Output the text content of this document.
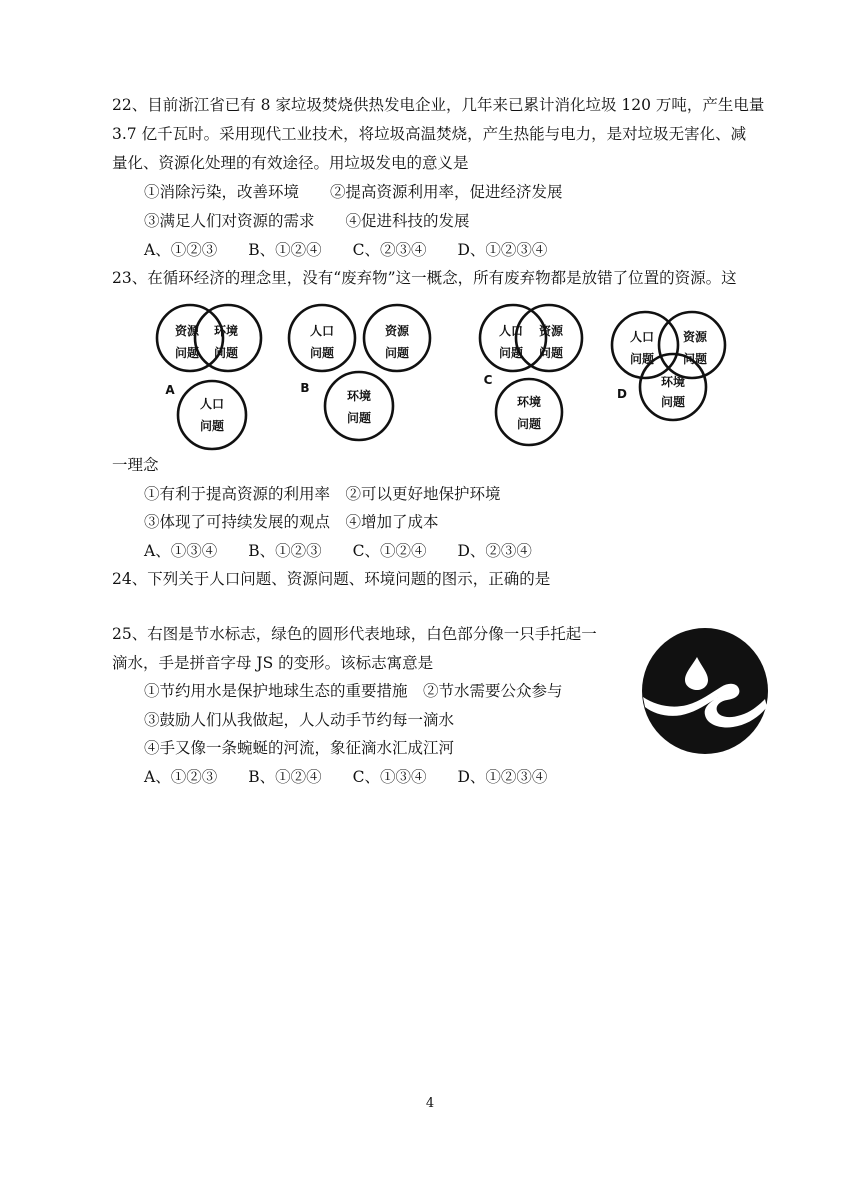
22、目前浙江省已有 8 家垃圾焚烧供热发电企业，几年来已累计消化垃圾 120 万吨，产生电量
3.7 亿千瓦时。采用现代工业技术，将垃圾高温焚烧，产生热能与电力，是对垃圾无害化、减
量化、资源化处理的有效途径。用垃圾发电的意义是
①消除污染，改善环境　　②提高资源利用率，促进经济发展
③满足人们对资源的需求　　④促进科技的发展
A、①②③　　B、①②④　　C、②③④　　D、①②③④
23、在循环经济的理念里，没有“废弃物”这一概念，所有废弃物都是放错了位置的资源。这
资源
问题
环境
问题
人口
问题
人口
问题
资源
问题
环境
问题
人口
问题
资源
问题
环境
问题
人口
问题
资源
问题
环境
问题
A	B
C
D
一理念
①有利于提高资源的利用率　②可以更好地保护环境
③体现了可持续发展的观点　④增加了成本
A、①③④　　B、①②③　　C、①②④　　D、②③④
24、下列关于人口问题、资源问题、环境问题的图示，正确的是
25、右图是节水标志，绿色的圆形代表地球，白色部分像一只手托起一
滴水，手是拼音字母 JS 的变形。该标志寓意是
①节约用水是保护地球生态的重要措施　②节水需要公众参与
③鼓励人们从我做起，人人动手节约每一滴水
④手又像一条蜿蜒的河流，象征滴水汇成江河
A、①②③　　B、①②④　　C、①③④　　D、①②③④
4
